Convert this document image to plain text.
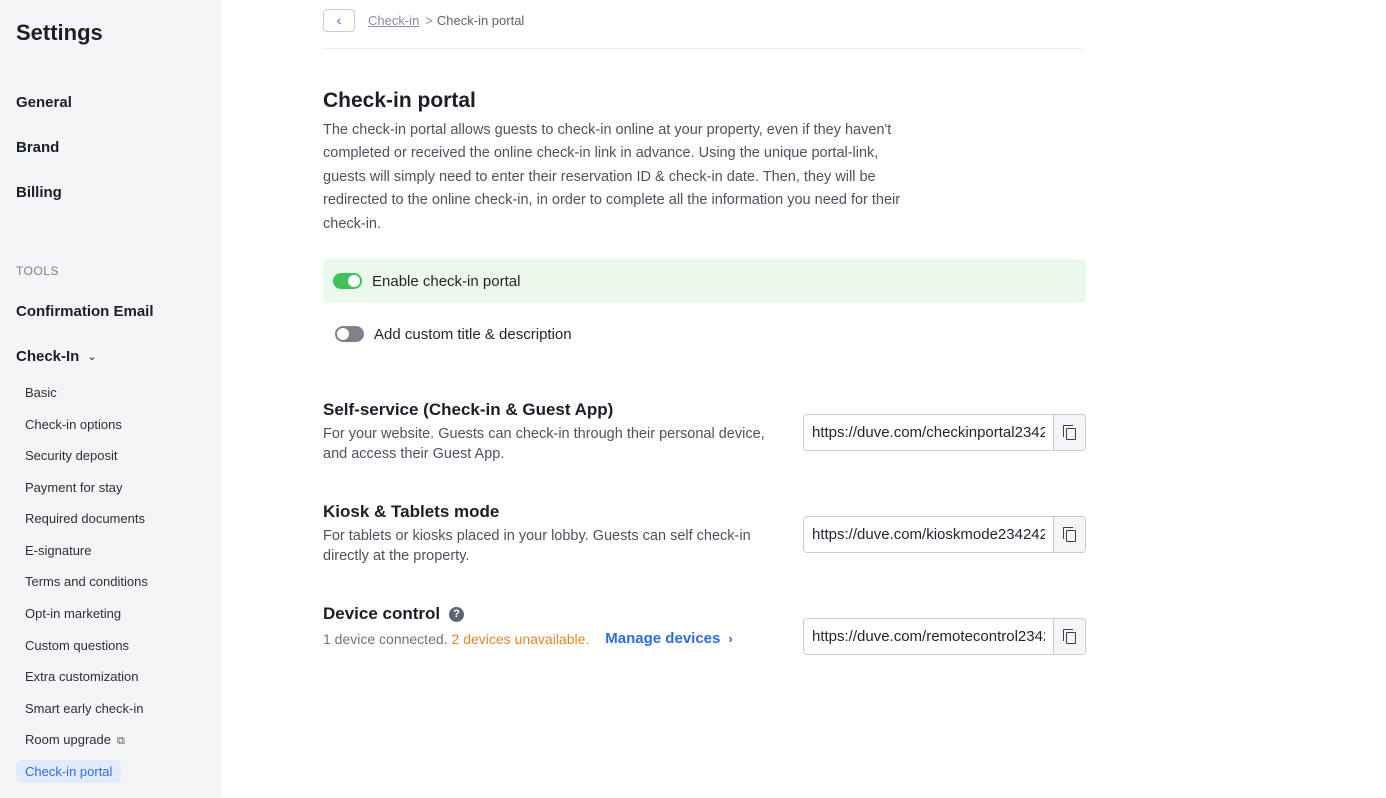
Settings
General
Brand
Billing
TOOLS
Confirmation Email
Check-In ⌄
Basic
Check-in options
Security deposit
Payment for stay
Required documents
E-signature
Terms and conditions
Opt-in marketing
Custom questions
Extra customization
Smart early check-in
Room upgrade ⧉
Check-in portal
‹ Check-in > Check-in portal
Check-in portal
The check-in portal allows guests to check-in online at your property, even if they haven't completed or received the online check-in link in advance. Using the unique portal-link, guests will simply need to enter their reservation ID & check-in date. Then, they will be redirected to the online check-in, in order to complete all the information you need for their check-in.
Enable check-in portal
Add custom title & description
Self-service (Check-in & Guest App)
For your website. Guests can check-in through their personal device, and access their Guest App.
https://duve.com/checkinportal234242
Kiosk & Tablets mode
For tablets or kiosks placed in your lobby. Guests can self check-in directly at the property.
https://duve.com/kioskmode234242
Device control ?
1 device connected. 2 devices unavailable. Manage devices ›
https://duve.com/remotecontrol234242
